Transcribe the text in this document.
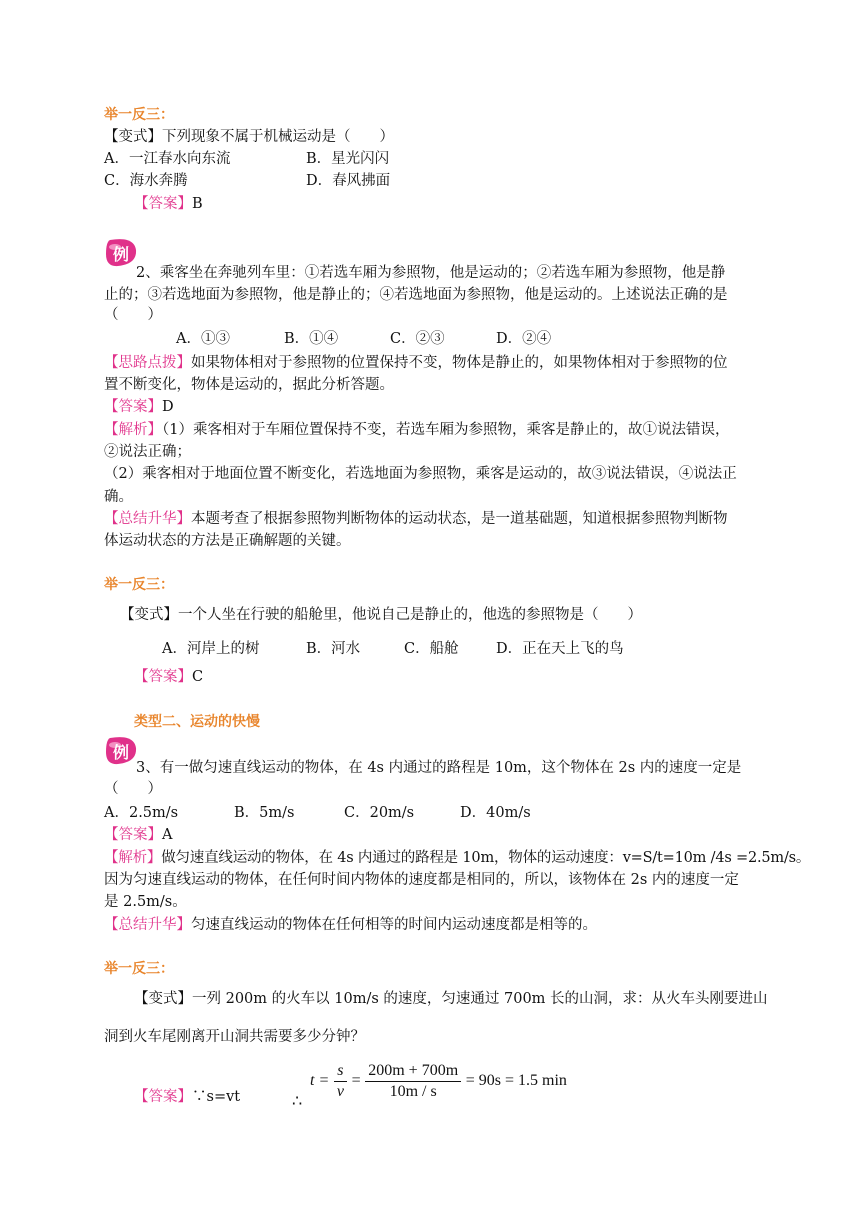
举一反三：
【变式】下列现象不属于机械运动是（　　）
A．一江春水向东流	B．星光闪闪
C．海水奔腾	D．春风拂面
【答案】B
例
2、乘客坐在奔驰列车里：①若选车厢为参照物，他是运动的；②若选车厢为参照物，他是静
止的；③若选地面为参照物，他是静止的；④若选地面为参照物，他是运动的。上述说法正确的是
（　　）
A．①③	B．①④	C．②③	D．②④
【思路点拨】如果物体相对于参照物的位置保持不变，物体是静止的，如果物体相对于参照物的位
置不断变化，物体是运动的，据此分析答题。
【答案】D
【解析】（1）乘客相对于车厢位置保持不变，若选车厢为参照物，乘客是静止的，故①说法错误，
②说法正确；
（2）乘客相对于地面位置不断变化，若选地面为参照物，乘客是运动的，故③说法错误，④说法正
确。
【总结升华】本题考查了根据参照物判断物体的运动状态，是一道基础题，知道根据参照物判断物
体运动状态的方法是正确解题的关键。
举一反三：
【变式】一个人坐在行驶的船舱里，他说自己是静止的，他选的参照物是（　　）
A．河岸上的树	B．河水	C．船舱	D．正在天上飞的鸟
【答案】C
类型二、运动的快慢
例
3、有一做匀速直线运动的物体，在 4s 内通过的路程是 10m，这个物体在 2s 内的速度一定是
（　　）
A．2.5m/s	B．5m/s	C．20m/s	D．40m/s
【答案】A
【解析】做匀速直线运动的物体，在 4s 内通过的路程是 10m，物体的运动速度：v=S/t=10m /4s =2.5m/s。
因为匀速直线运动的物体，在任何时间内物体的速度都是相同的，所以，该物体在 2s 内的速度一定
是 2.5m/s。
【总结升华】匀速直线运动的物体在任何相等的时间内运动速度都是相等的。
举一反三：
【变式】一列 200m 的火车以 10m/s 的速度，匀速通过 700m 长的山洞，求：从火车头刚要进山
洞到火车尾刚离开山洞共需要多少分钟？
【答案】∵s=vt	∴
$t = \frac{s}{v} = \frac{200m + 700m}{10m / s} = 90s = 1.5$ min
